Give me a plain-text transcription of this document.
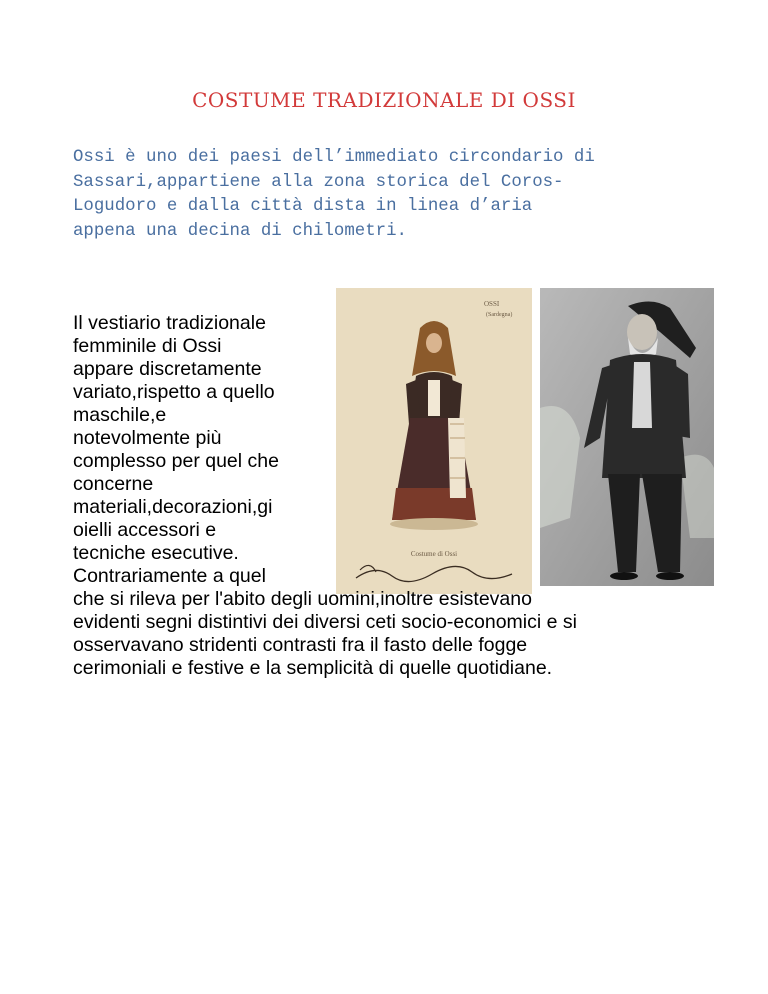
COSTUME TRADIZIONALE DI OSSI

Ossi è uno dei paesi dell’immediato circondario di
Sassari,appartiene alla zona storica del Coros-
Logudoro e dalla città dista in linea d’aria
appena una decina di chilometri.

OSSI
(Sardegna)
Costume di Ossi

Il vestiario tradizionale
femminile di Ossi
appare discretamente
variato,rispetto a quello
maschile,e
notevolmente più
complesso per quel che
concerne
materiali,decorazioni,gi
oielli accessori e
tecniche esecutive.
Contrariamente a quel
che si rileva per l'abito degli uomini,inoltre esistevano
evidenti segni distintivi dei diversi ceti socio-economici e si
osservavano stridenti contrasti fra il fasto delle fogge
cerimoniali e festive e la semplicità di quelle quotidiane.
